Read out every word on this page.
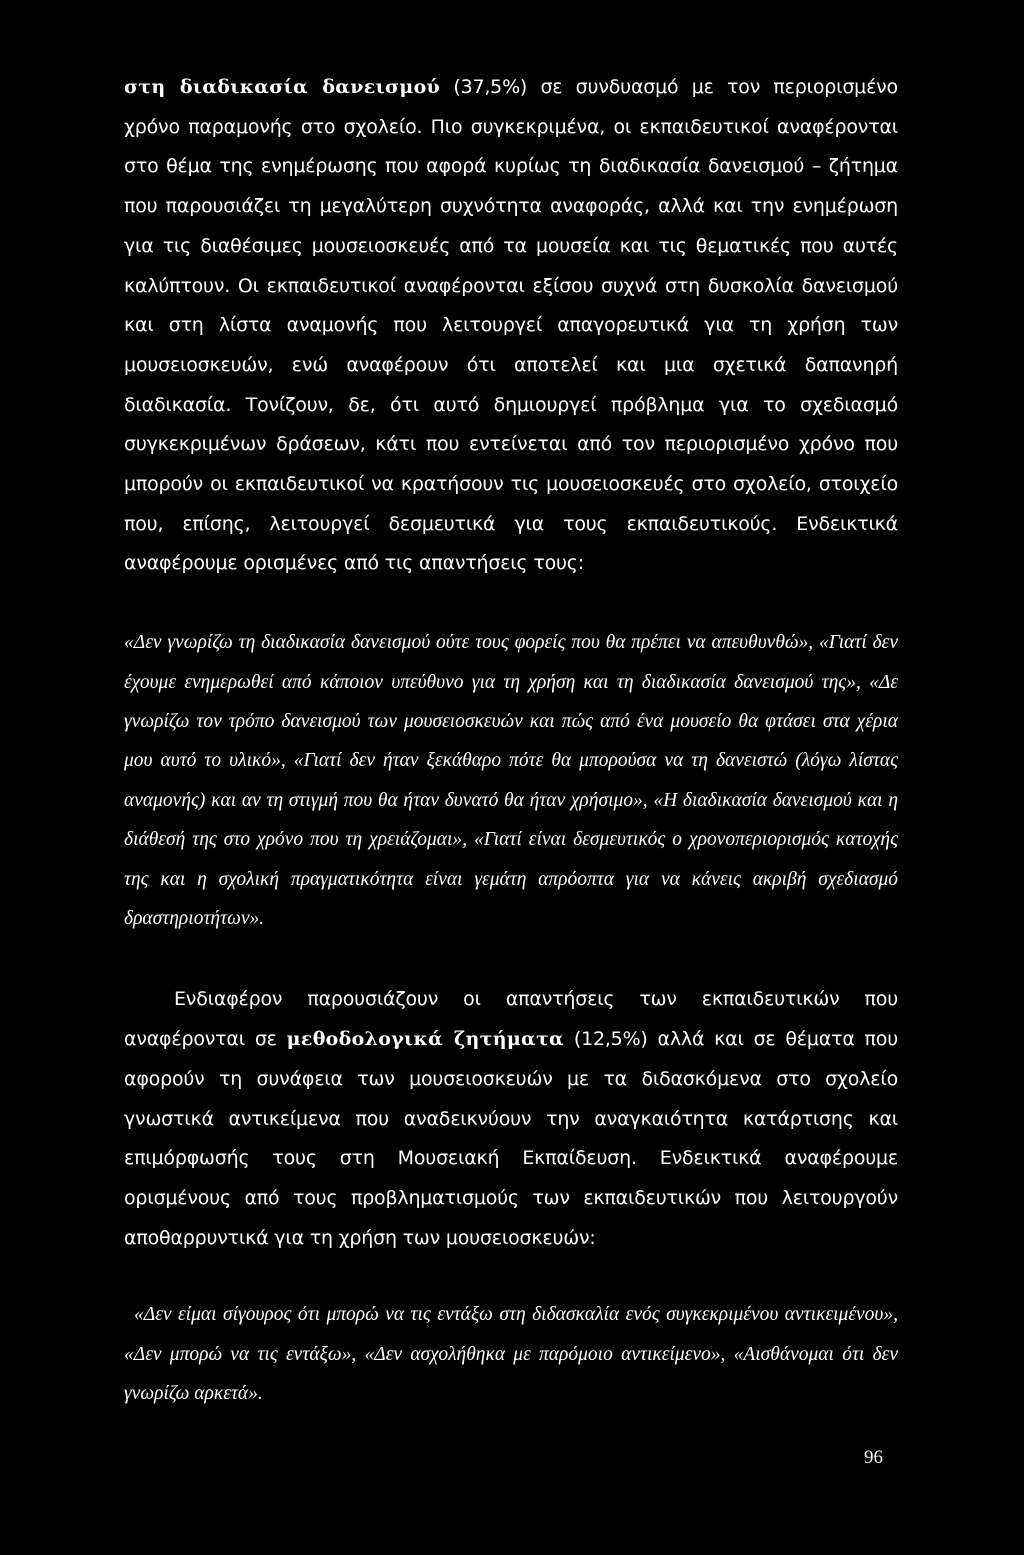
στη διαδικασία δανεισμού (37,5%) σε συνδυασμό με τον περιορισμένο χρόνο παραμονής στο σχολείο. Πιο συγκεκριμένα, οι εκπαιδευτικοί αναφέρονται στο θέμα της ενημέρωσης που αφορά κυρίως τη διαδικασία δανεισμού – ζήτημα που παρουσιάζει τη μεγαλύτερη συχνότητα αναφοράς, αλλά και την ενημέρωση για τις διαθέσιμες μουσειοσκευές από τα μουσεία και τις θεματικές που αυτές καλύπτουν. Οι εκπαιδευτικοί αναφέρονται εξίσου συχνά στη δυσκολία δανεισμού και στη λίστα αναμονής που λειτουργεί απαγορευτικά για τη χρήση των μουσειοσκευών, ενώ αναφέρουν ότι αποτελεί και μια σχετικά δαπανηρή διαδικασία. Τονίζουν, δε, ότι αυτό δημιουργεί πρόβλημα για το σχεδιασμό συγκεκριμένων δράσεων, κάτι που εντείνεται από τον περιορισμένο χρόνο που μπορούν οι εκπαιδευτικοί να κρατήσουν τις μουσειοσκευές στο σχολείο, στοιχείο που, επίσης, λειτουργεί δεσμευτικά για τους εκπαιδευτικούς. Ενδεικτικά αναφέρουμε ορισμένες από τις απαντήσεις τους:

«Δεν γνωρίζω τη διαδικασία δανεισμού ούτε τους φορείς που θα πρέπει να απευθυνθώ», «Γιατί δεν έχουμε ενημερωθεί από κάποιον υπεύθυνο για τη χρήση και τη διαδικασία δανεισμού της», «Δε γνωρίζω τον τρόπο δανεισμού των μουσειοσκευών και πώς από ένα μουσείο θα φτάσει στα χέρια μου αυτό το υλικό», «Γιατί δεν ήταν ξεκάθαρο πότε θα μπορούσα να τη δανειστώ (λόγω λίστας αναμονής) και αν τη στιγμή που θα ήταν δυνατό θα ήταν χρήσιμο», «Η διαδικασία δανεισμού και η διάθεσή της στο χρόνο που τη χρειάζομαι», «Γιατί είναι δεσμευτικός ο χρονοπεριορισμός κατοχής της και η σχολική πραγματικότητα είναι γεμάτη απρόοπτα για να κάνεις ακριβή σχεδιασμό δραστηριοτήτων».

Ενδιαφέρον παρουσιάζουν οι απαντήσεις των εκπαιδευτικών που αναφέρονται σε μεθοδολογικά ζητήματα (12,5%) αλλά και σε θέματα που αφορούν τη συνάφεια των μουσειοσκευών με τα διδασκόμενα στο σχολείο γνωστικά αντικείμενα που αναδεικνύουν την αναγκαιότητα κατάρτισης και επιμόρφωσής τους στη Μουσειακή Εκπαίδευση. Ενδεικτικά αναφέρουμε ορισμένους από τους προβληματισμούς των εκπαιδευτικών που λειτουργούν αποθαρρυντικά για τη χρήση των μουσειοσκευών:

«Δεν είμαι σίγουρος ότι μπορώ να τις εντάξω στη διδασκαλία ενός συγκεκριμένου αντικειμένου», «Δεν μπορώ να τις εντάξω», «Δεν ασχολήθηκα με παρόμοιο αντικείμενο», «Αισθάνομαι ότι δεν γνωρίζω αρκετά».

96
